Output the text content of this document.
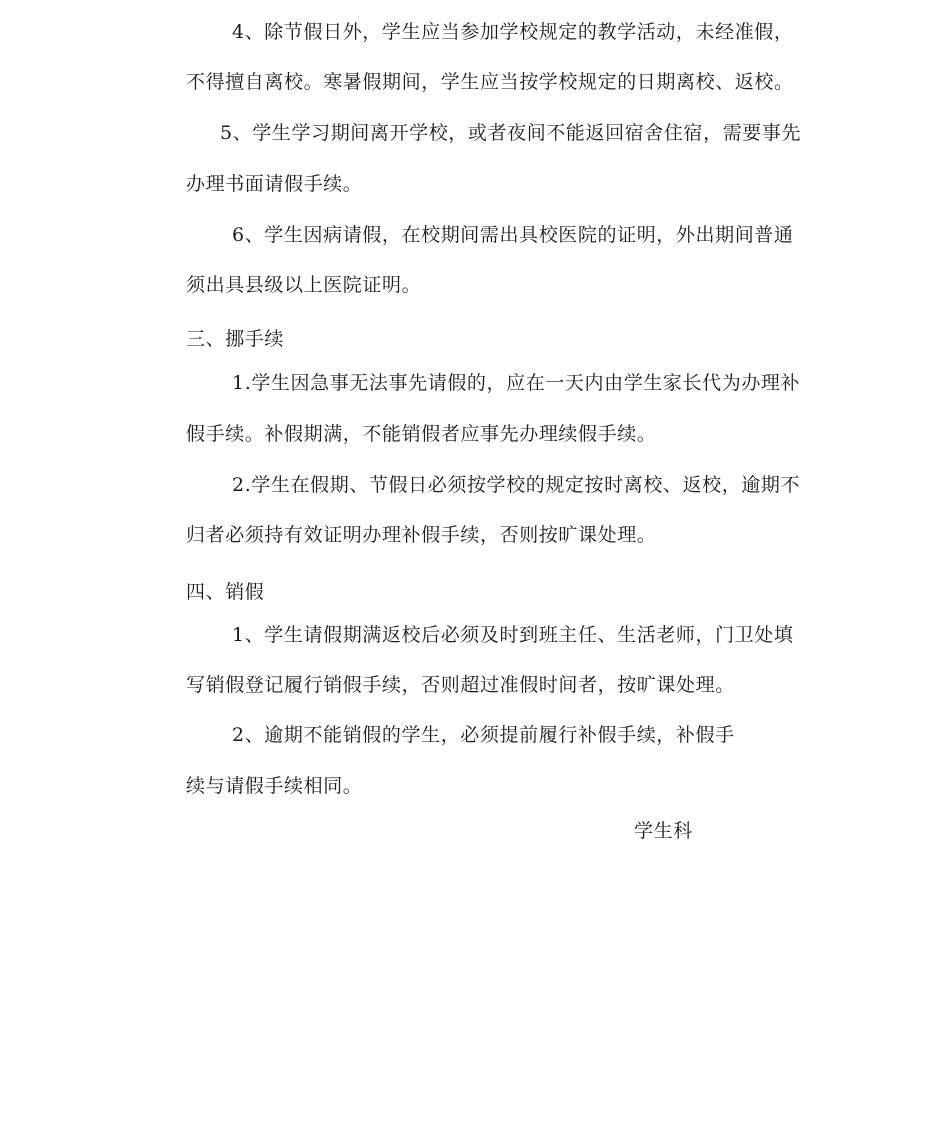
4、除节假日外，学生应当参加学校规定的教学活动，未经准假，
不得擅自离校。寒暑假期间，学生应当按学校规定的日期离校、返校。
5、学生学习期间离开学校，或者夜间不能返回宿舍住宿，需要事先
办理书面请假手续。
6、学生因病请假，在校期间需出具校医院的证明，外出期间普通
须出具县级以上医院证明。
三、挪手续
1.学生因急事无法事先请假的，应在一天内由学生家长代为办理补
假手续。补假期满，不能销假者应事先办理续假手续。
2.学生在假期、节假日必须按学校的规定按时离校、返校，逾期不
归者必须持有效证明办理补假手续，否则按旷课处理。
四、销假
1、学生请假期满返校后必须及时到班主任、生活老师，门卫处填
写销假登记履行销假手续，否则超过准假时间者，按旷课处理。
2、逾期不能销假的学生，必须提前履行补假手续，补假手
续与请假手续相同。
学生科
